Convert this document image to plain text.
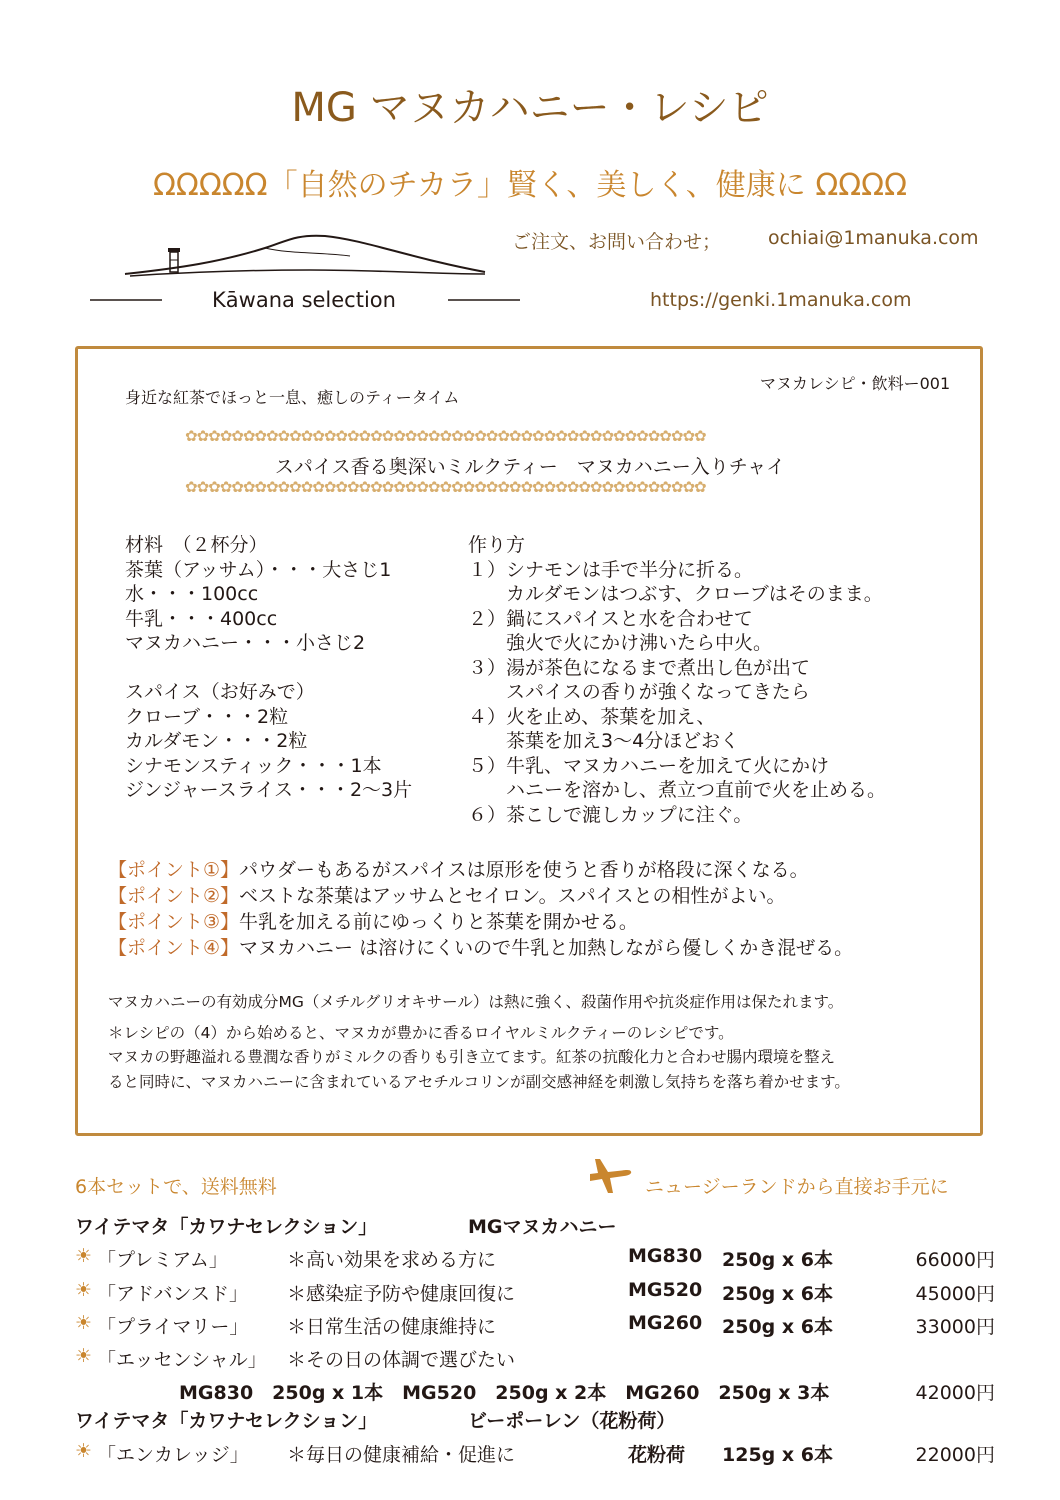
MG マヌカハニー・レシピ
ΩΩΩΩΩ「自然のチカラ」賢く、美しく、健康に ΩΩΩΩ
ご注文、お問い合わせ； ochiai@1manuka.com
https://genki.1manuka.com
Kāwana selection
マヌカレシピ・飲料ー001
身近な紅茶でほっと一息、癒しのティータイム
✿✿✿✿✿✿✿✿✿✿✿✿✿✿✿✿✿✿✿✿✿✿✿✿✿✿✿✿✿✿✿✿✿✿✿✿✿✿✿✿✿✿✿✿✿
スパイス香る奥深いミルクティー　マヌカハニー入りチャイ
✿✿✿✿✿✿✿✿✿✿✿✿✿✿✿✿✿✿✿✿✿✿✿✿✿✿✿✿✿✿✿✿✿✿✿✿✿✿✿✿✿✿✿✿✿
材料　（２杯分）
茶葉（アッサム）・・・大さじ1
水・・・100cc
牛乳・・・400cc
マヌカハニー・・・小さじ2
スパイス（お好みで）
クローブ・・・2粒
カルダモン・・・2粒
シナモンスティック・・・1本
ジンジャースライス・・・2〜3片
作り方
１）シナモンは手で半分に折る。
　　カルダモンはつぶす、クローブはそのまま。
２）鍋にスパイスと水を合わせて
　　強火で火にかけ沸いたら中火。
３）湯が茶色になるまで煮出し色が出て
　　スパイスの香りが強くなってきたら
４）火を止め、茶葉を加え、
　　茶葉を加え3〜4分ほどおく
５）牛乳、マヌカハニーを加えて火にかけ
　　ハニーを溶かし、煮立つ直前で火を止める。
６）茶こしで漉しカップに注ぐ。
【ポイント①】パウダーもあるがスパイスは原形を使うと香りが格段に深くなる。
【ポイント②】ベストな茶葉はアッサムとセイロン。スパイスとの相性がよい。
【ポイント③】牛乳を加える前にゆっくりと茶葉を開かせる。
【ポイント④】マヌカハニー は溶けにくいので牛乳と加熱しながら優しくかき混ぜる。
マヌカハニーの有効成分MG（メチルグリオキサール）は熱に強く、殺菌作用や抗炎症作用は保たれます。
＊レシピの（4）から始めると、マヌカが豊かに香るロイヤルミルクティーのレシピです。
マヌカの野趣溢れる豊潤な香りがミルクの香りも引き立てます。紅茶の抗酸化力と合わせ腸内環境を整え
ると同時に、マヌカハニーに含まれているアセチルコリンが副交感神経を刺激し気持ちを落ち着かせます。
6本セットで、送料無料	ニュージーランドから直接お手元に
ワイテマタ「カワナセレクション」	MGマヌカハニー
☀ 「プレミアム」	＊高い効果を求める方に	MG830 250g x 6本	66000円
☀ 「アドバンスド」 ＊感染症予防や健康回復に	MG520 250g x 6本	45000円
☀ 「プライマリー」 ＊日常生活の健康維持に	MG260 250g x 6本	33000円
☀ 「エッセンシャル」 ＊その日の体調で選びたい
MG830　250g x 1本　MG520　250g x 2本　MG260　250g x 3本	42000円
ワイテマタ「カワナセレクション」	ビーポーレン（花粉荷）
☀ 「エンカレッジ」 ＊毎日の健康補給・促進に	花粉荷 125g x 6本	22000円
